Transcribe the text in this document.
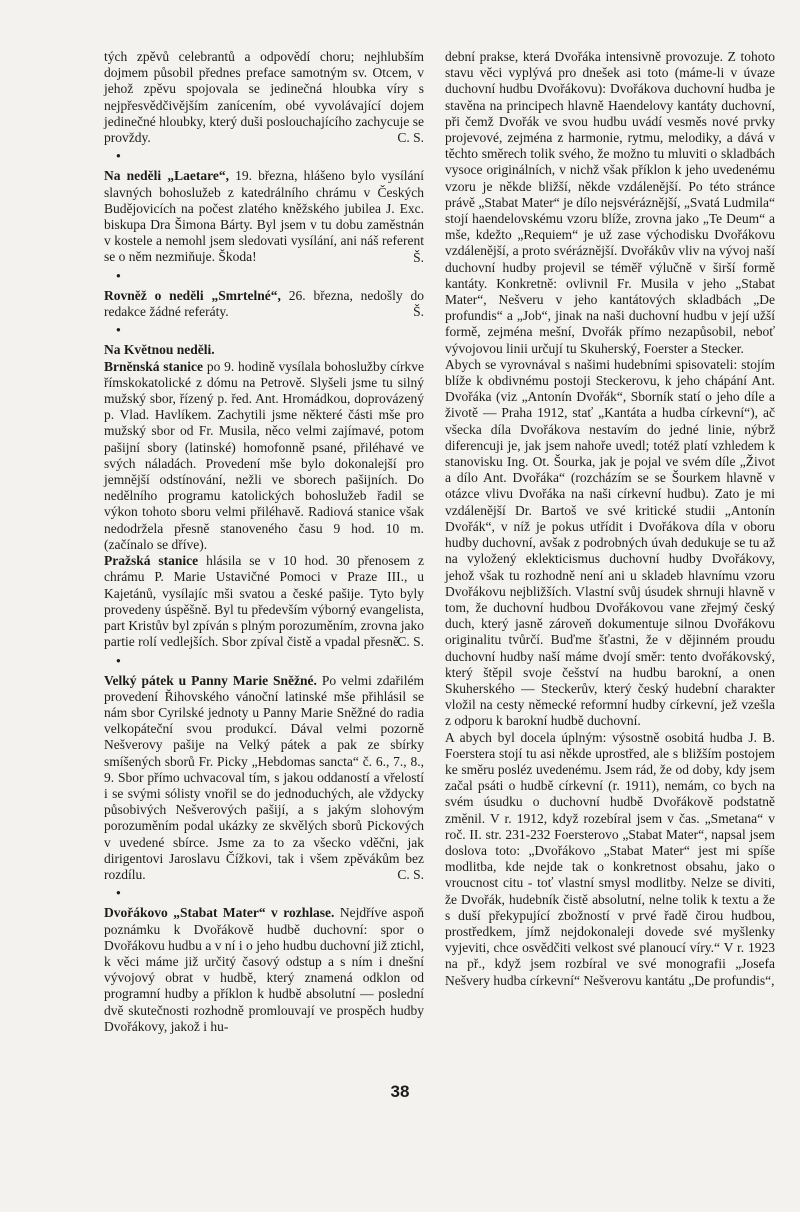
tých zpěvů celebrantů a odpovědí choru; nejhlubším dojmem působil přednes preface samotným sv. Otcem, v jehož zpěvu spojovala se jedinečná hloubka víry s nejpřesvědčivějším zanícením, obé vyvolávající dojem jedinečné hloubky, který duši poslouchajícího zachycuje se provždy.	C. S.
●

Na neděli „Laetare“, 19. března, hlášeno bylo vysílání slavných bohoslužeb z katedrálního chrámu v Českých Budějovicích na počest zlatého kněžského jubilea J. Exc. biskupa Dra Šimona Bárty. Byl jsem v tu dobu zaměstnán v kostele a nemohl jsem sledovati vysílání, ani náš referent se o něm nezmiňuje. Škoda!	Š.
●

Rovněž o neděli „Smrtelné“, 26. března, nedošly do redakce žádné referáty.	Š.
●

Na Květnou neděli.

Brněnská stanice po 9. hodině vysílala bohoslužby církve římskokatolické z dómu na Petrově. Slyšeli jsme tu silný mužský sbor, řízený p. řed. Ant. Hromádkou, doprovázený p. Vlad. Havlíkem. Zachytili jsme některé části mše pro mužský sbor od Fr. Musila, něco velmi zajímavé, potom pašijní sbory (latinské) homofonně psané, přiléhavé ve svých náladách. Provedení mše bylo dokonalejší pro jemnější odstínování, nežli ve sborech pašijních. Do nedělního programu katolických bohoslužeb řadil se výkon tohoto sboru velmi přiléhavě. Radiová stanice však nedodržela přesně stanoveného času 9 hod. 10 m. (začínalo se dříve).

Pražská stanice hlásila se v 10 hod. 30 přenosem z chrámu P. Marie Ustavičné Pomoci v Praze III., u Kajetánů, vysílajíc mši svatou a české pašije. Tyto byly provedeny úspěšně. Byl tu především výborný evangelista, part Kristův byl zpíván s plným porozuměním, zrovna jako partie rolí vedlejších. Sbor zpíval čistě a vpadal přesně.

C. S.
●

Velký pátek u Panny Marie Sněžné. Po velmi zdařilém provedení Řihovského vánoční latinské mše přihlásil se nám sbor Cyrilské jednoty u Panny Marie Sněžné do radia velkopáteční svou produkcí. Dával velmi pozorně Nešverovy pašije na Velký pátek a pak ze sbírky smíšených sborů Fr. Picky „Hebdomas sancta“ č. 6., 7., 8., 9. Sbor přímo uchvacoval tím, s jakou oddaností a vřelostí i se svými sólisty vnořil se do jednoduchých, ale vždycky působivých Nešverových pašijí, a s jakým slohovým porozuměním podal ukázky ze skvělých sborů Pickových v uvedené sbírce. Jsme za to za všecko vděčni, jak dirigentovi Jaroslavu Čížkovi, tak i všem zpěvákům bez rozdílu.	C. S.
●

Dvořákovo „Stabat Mater“ v rozhlase. Nejdříve aspoň poznámku k Dvořákově hudbě duchovní: spor o Dvořákovu hudbu a v ní i o jeho hudbu duchovní již ztichl, k věci máme již určitý časový odstup a s ním i dnešní vývojový obrat v hudbě, který znamená odklon od programní hudby a příklon k hudbě absolutní — poslední dvě skutečnosti rozhodně promlouvají ve prospěch hudby Dvořákovy, jakož i hu-

dební prakse, která Dvořáka intensivně provozuje. Z tohoto stavu věci vyplývá pro dnešek asi toto (máme-li v úvaze duchovní hudbu Dvořákovu): Dvořákova duchovní hudba je stavěna na principech hlavně Haendelovy kantáty duchovní, při čemž Dvořák ve svou hudbu uvádí vesměs nové prvky projevové, zejména z harmonie, rytmu, melodiky, a dává v těchto směrech tolik svého, že možno tu mluviti o skladbách vysoce originálních, v nichž však příklon k jeho uvedenému vzoru je někde bližší, někde vzdálenější. Po této stránce právě „Stabat Mater“ je dílo nejsvéráznější, „Svatá Ludmila“ stojí haendelovskému vzoru blíže, zrovna jako „Te Deum“ a mše, kdežto „Requiem“ je už zase východisku Dvořákovu vzdálenější, a proto svéráznější. Dvořákův vliv na vývoj naší duchovní hudby projevil se téměř výlučně v širší formě kantáty. Konkretně: ovlivnil Fr. Musila v jeho „Stabat Mater“, Nešveru v jeho kantátových skladbách „De profundis“ a „Job“, jinak na naši duchovní hudbu v její užší formě, zejména mešní, Dvořák přímo nezapůsobil, neboť vývojovou linii určují tu Skuherský, Foerster a Stecker.

Abych se vyrovnával s našimi hudebními spisovateli: stojím blíže k obdivnému postoji Steckerovu, k jeho chápání Ant. Dvořáka (viz „Antonín Dvořák“, Sborník statí o jeho díle a životě — Praha 1912, stať „Kantáta a hudba církevní“), ač všecka díla Dvořákova nestavím do jedné linie, nýbrž diferencuji je, jak jsem nahoře uvedl; totéž platí vzhledem k stanovisku Ing. Ot. Šourka, jak je pojal ve svém díle „Život a dílo Ant. Dvořáka“ (rozcházím se se Šourkem hlavně v otázce vlivu Dvořáka na naši církevní hudbu). Zato je mi vzdálenější Dr. Bartoš ve své kritické studii „Antonín Dvořák“, v níž je pokus utřídit i Dvořákova díla v oboru hudby duchovní, avšak z podrobných úvah dedukuje se tu až na vyložený eklekticismus duchovní hudby Dvořákovy, jehož však tu rozhodně není ani u skladeb hlavnímu vzoru Dvořákovu nejbližších. Vlastní svůj úsudek shrnuji hlavně v tom, že duchovní hudbou Dvořákovou vane zřejmý český duch, který jasně zároveň dokumentuje silnou Dvořákovu originalitu tvůrčí. Buďme šťastni, že v dějinném proudu duchovní hudby naší máme dvojí směr: tento dvořákovský, který štěpil svoje češství na hudbu barokní, a onen Skuherského — Steckerův, který český hudební charakter vložil na cesty německé reformní hudby církevní, jež vzešla z odporu k barokní hudbě duchovní.

A abych byl docela úplným: výsostně osobitá hudba J. B. Foerstera stojí tu asi někde uprostřed, ale s bližším postojem ke směru posléz uvedenému. Jsem rád, že od doby, kdy jsem začal psáti o hudbě církevní (r. 1911), nemám, co bych na svém úsudku o duchovní hudbě Dvořákově podstatně změnil. V r. 1912, když rozebíral jsem v čas. „Smetana“ v roč. II. str. 231-232 Foersterovo „Stabat Mater“, napsal jsem doslova toto: „Dvořákovo „Stabat Mater“ jest mi spíše modlitba, kde nejde tak o konkretnost obsahu, jako o vroucnost citu - toť vlastní smysl modlitby. Nelze se diviti, že Dvořák, hudebník čistě absolutní, nelne tolik k textu a že s duší překypující zbožností v prvé řadě čirou hudbou, prostředkem, jímž nejdokonaleji dovede své myšlenky vyjeviti, chce osvědčiti velkost své planoucí víry.“ V r. 1923 na př., když jsem rozbíral ve své monografii „Josefa Nešvery hudba církevní“ Nešverovu kantátu „De profundis“,

38
